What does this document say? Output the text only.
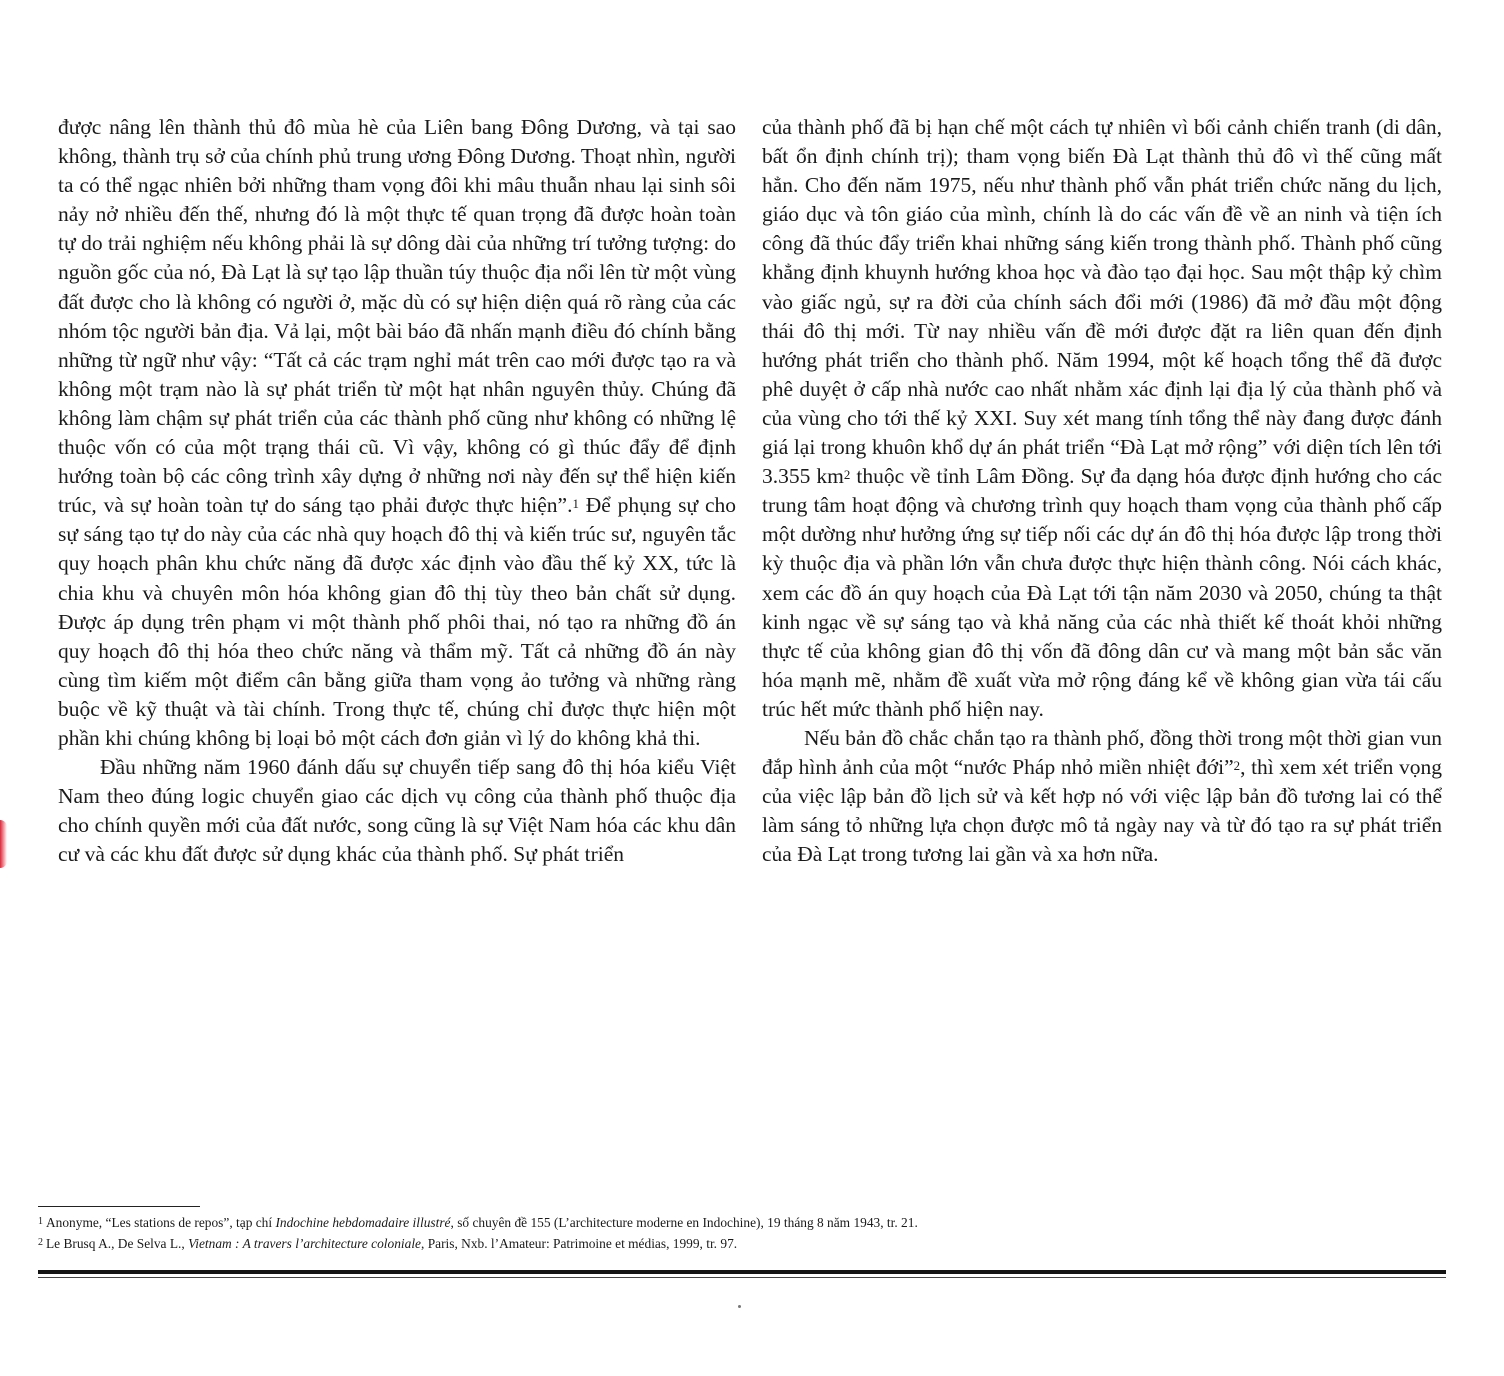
được nâng lên thành thủ đô mùa hè của Liên bang Đông Dương, và tại sao không, thành trụ sở của chính phủ trung ương Đông Dương. Thoạt nhìn, người ta có thể ngạc nhiên bởi những tham vọng đôi khi mâu thuẫn nhau lại sinh sôi nảy nở nhiều đến thế, nhưng đó là một thực tế quan trọng đã được hoàn toàn tự do trải nghiệm nếu không phải là sự dông dài của những trí tưởng tượng: do nguồn gốc của nó, Đà Lạt là sự tạo lập thuần túy thuộc địa nổi lên từ một vùng đất được cho là không có người ở, mặc dù có sự hiện diện quá rõ ràng của các nhóm tộc người bản địa. Vả lại, một bài báo đã nhấn mạnh điều đó chính bằng những từ ngữ như vậy: “Tất cả các trạm nghỉ mát trên cao mới được tạo ra và không một trạm nào là sự phát triển từ một hạt nhân nguyên thủy. Chúng đã không làm chậm sự phát triển của các thành phố cũng như không có những lệ thuộc vốn có của một trạng thái cũ. Vì vậy, không có gì thúc đẩy để định hướng toàn bộ các công trình xây dựng ở những nơi này đến sự thể hiện kiến trúc, và sự hoàn toàn tự do sáng tạo phải được thực hiện”.$^1$ Để phụng sự cho sự sáng tạo tự do này của các nhà quy hoạch đô thị và kiến trúc sư, nguyên tắc quy hoạch phân khu chức năng đã được xác định vào đầu thế kỷ XX, tức là chia khu và chuyên môn hóa không gian đô thị tùy theo bản chất sử dụng. Được áp dụng trên phạm vi một thành phố phôi thai, nó tạo ra những đồ án quy hoạch đô thị hóa theo chức năng và thẩm mỹ. Tất cả những đồ án này cùng tìm kiếm một điểm cân bằng giữa tham vọng ảo tưởng và những ràng buộc về kỹ thuật và tài chính. Trong thực tế, chúng chỉ được thực hiện một phần khi chúng không bị loại bỏ một cách đơn giản vì lý do không khả thi.

Đầu những năm 1960 đánh dấu sự chuyển tiếp sang đô thị hóa kiểu Việt Nam theo đúng logic chuyển giao các dịch vụ công của thành phố thuộc địa cho chính quyền mới của đất nước, song cũng là sự Việt Nam hóa các khu dân cư và các khu đất được sử dụng khác của thành phố. Sự phát triển

của thành phố đã bị hạn chế một cách tự nhiên vì bối cảnh chiến tranh (di dân, bất ổn định chính trị); tham vọng biến Đà Lạt thành thủ đô vì thế cũng mất hẳn. Cho đến năm 1975, nếu như thành phố vẫn phát triển chức năng du lịch, giáo dục và tôn giáo của mình, chính là do các vấn đề về an ninh và tiện ích công đã thúc đẩy triển khai những sáng kiến trong thành phố. Thành phố cũng khẳng định khuynh hướng khoa học và đào tạo đại học. Sau một thập kỷ chìm vào giấc ngủ, sự ra đời của chính sách đổi mới (1986) đã mở đầu một động thái đô thị mới. Từ nay nhiều vấn đề mới được đặt ra liên quan đến định hướng phát triển cho thành phố. Năm 1994, một kế hoạch tổng thể đã được phê duyệt ở cấp nhà nước cao nhất nhằm xác định lại địa lý của thành phố và của vùng cho tới thế kỷ XXI. Suy xét mang tính tổng thể này đang được đánh giá lại trong khuôn khổ dự án phát triển “Đà Lạt mở rộng” với diện tích lên tới 3.355 $km^2$ thuộc về tỉnh Lâm Đồng. Sự đa dạng hóa được định hướng cho các trung tâm hoạt động và chương trình quy hoạch tham vọng của thành phố cấp một dường như hưởng ứng sự tiếp nối các dự án đô thị hóa được lập trong thời kỳ thuộc địa và phần lớn vẫn chưa được thực hiện thành công. Nói cách khác, xem các đồ án quy hoạch của Đà Lạt tới tận năm 2030 và 2050, chúng ta thật kinh ngạc về sự sáng tạo và khả năng của các nhà thiết kế thoát khỏi những thực tế của không gian đô thị vốn đã đông dân cư và mang một bản sắc văn hóa mạnh mẽ, nhằm đề xuất vừa mở rộng đáng kể về không gian vừa tái cấu trúc hết mức thành phố hiện nay.

Nếu bản đồ chắc chắn tạo ra thành phố, đồng thời trong một thời gian vun đắp hình ảnh của một “nước Pháp nhỏ miền nhiệt đới”$^2$, thì xem xét triển vọng của việc lập bản đồ lịch sử và kết hợp nó với việc lập bản đồ tương lai có thể làm sáng tỏ những lựa chọn được mô tả ngày nay và từ đó tạo ra sự phát triển của Đà Lạt trong tương lai gần và xa hơn nữa.

$^1$ Anonyme, “Les stations de repos”, tạp chí Indochine hebdomadaire illustré, số chuyên đề 155 (L’architecture moderne en Indochine), 19 tháng 8 năm 1943, tr. 21.

$^2$ Le Brusq A., De Selva L., Vietnam : A travers l’architecture coloniale, Paris, Nxb. l’Amateur: Patrimoine et médias, 1999, tr. 97.
